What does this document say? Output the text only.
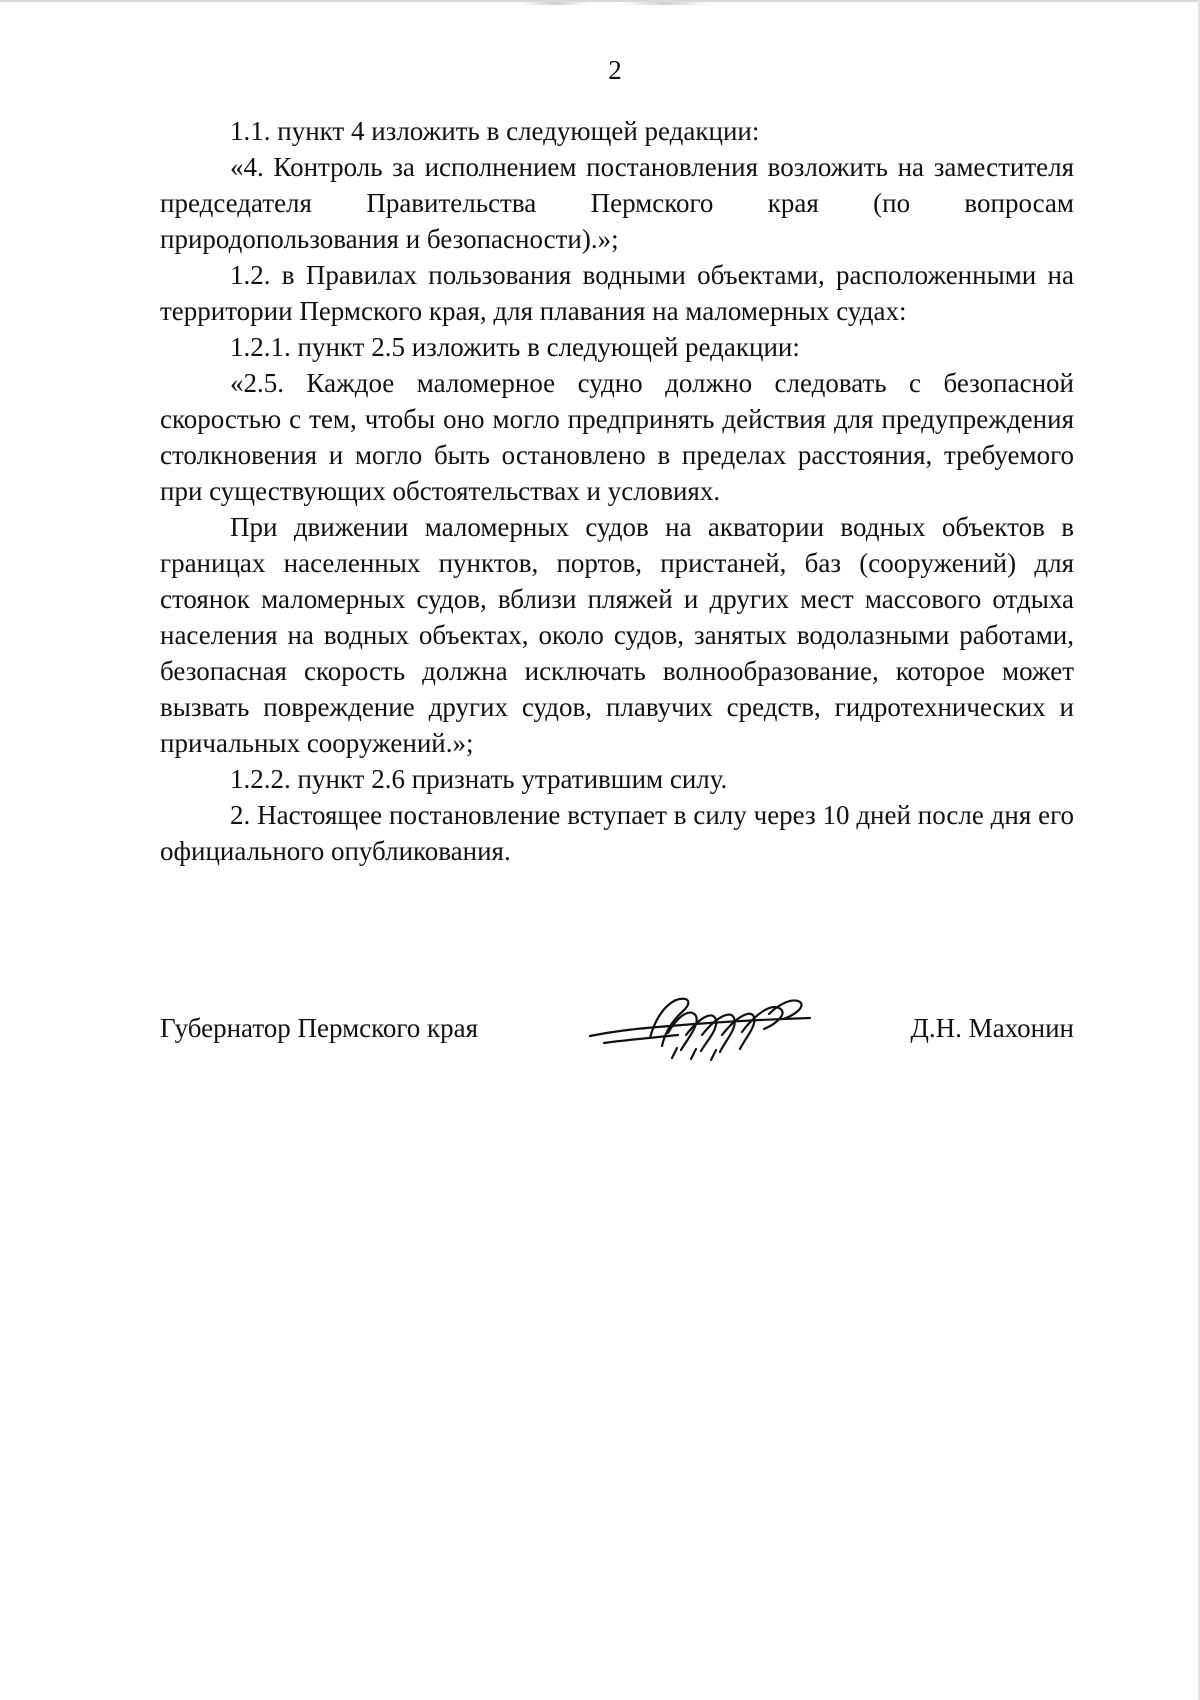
2

1.1. пункт 4 изложить в следующей редакции:

«4. Контроль за исполнением постановления возложить на заместителя председателя Правительства Пермского края (по вопросам природопользования и безопасности).»;

1.2. в Правилах пользования водными объектами, расположенными на территории Пермского края, для плавания на маломерных судах:

1.2.1. пункт 2.5 изложить в следующей редакции:

«2.5. Каждое маломерное судно должно следовать с безопасной скоростью с тем, чтобы оно могло предпринять действия для предупреждения столкновения и могло быть остановлено в пределах расстояния, требуемого при существующих обстоятельствах и условиях.

При движении маломерных судов на акватории водных объектов в границах населенных пунктов, портов, пристаней, баз (сооружений) для стоянок маломерных судов, вблизи пляжей и других мест массового отдыха населения на водных объектах, около судов, занятых водолазными работами, безопасная скорость должна исключать волнообразование, которое может вызвать повреждение других судов, плавучих средств, гидротехнических и причальных сооружений.»;

1.2.2. пункт 2.6 признать утратившим силу.

2. Настоящее постановление вступает в силу через 10 дней после дня его официального опубликования.

Губернатор Пермского края	Д.Н. Махонин
